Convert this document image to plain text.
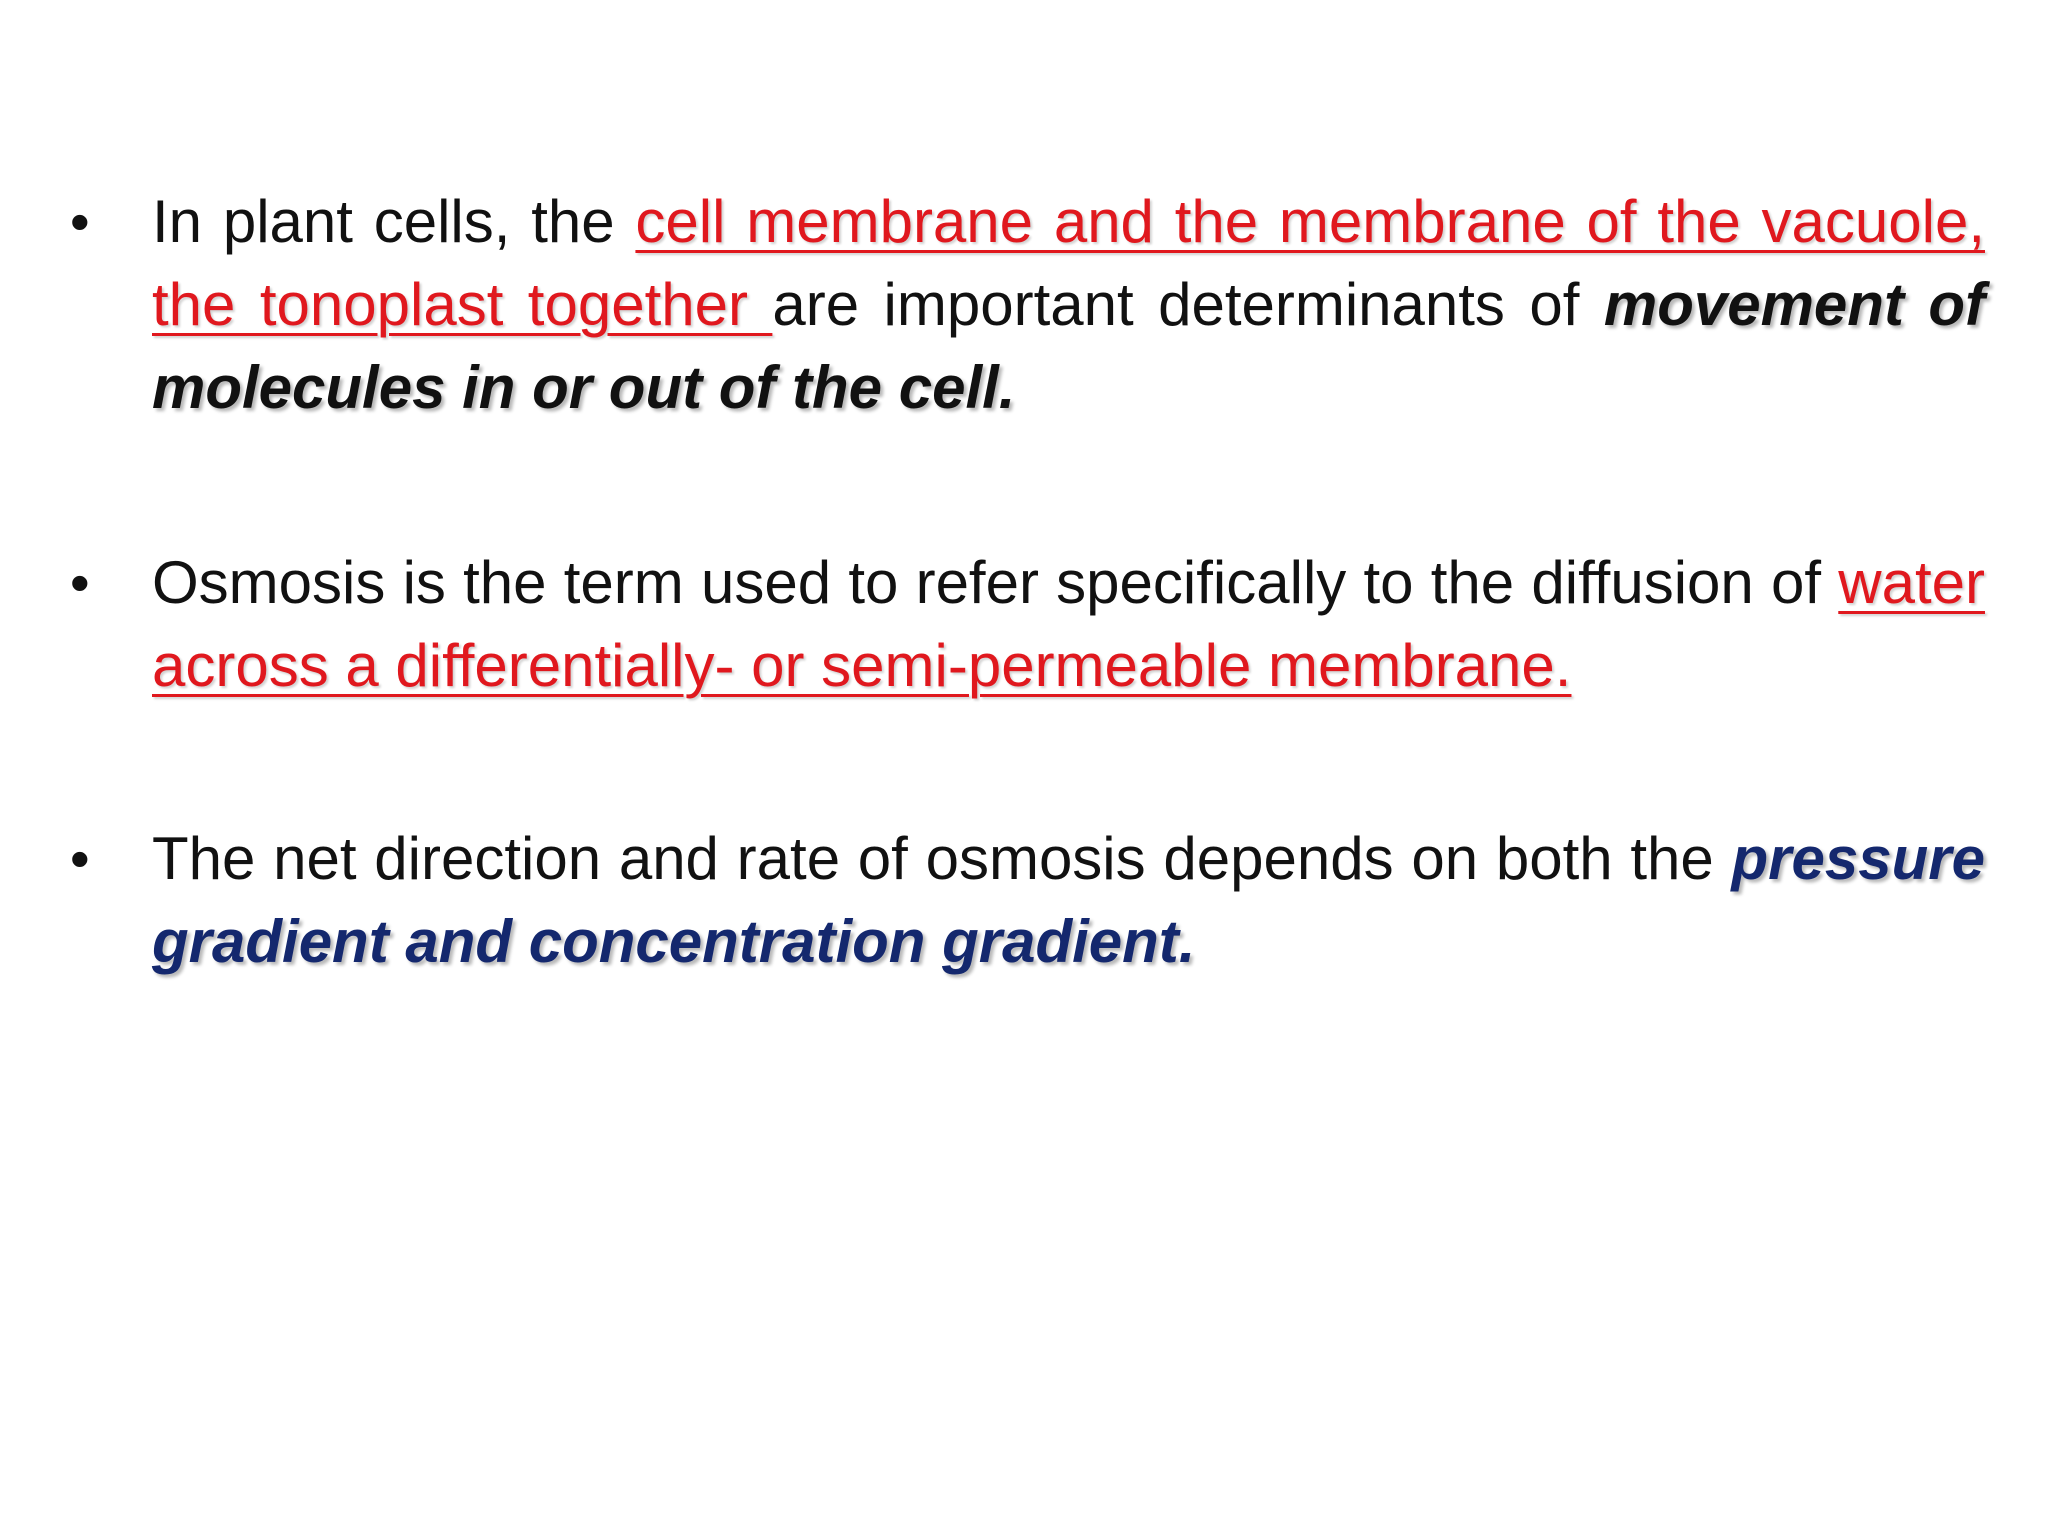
•	In plant cells, the cell membrane and the membrane of the vacuole, the tonoplast together are important determinants of movement of molecules in or out of the cell.
•	Osmosis is the term used to refer specifically to the diffusion of water across a differentially- or semi-permeable membrane.
•	The net direction and rate of osmosis depends on both the pressure gradient and concentration gradient.
